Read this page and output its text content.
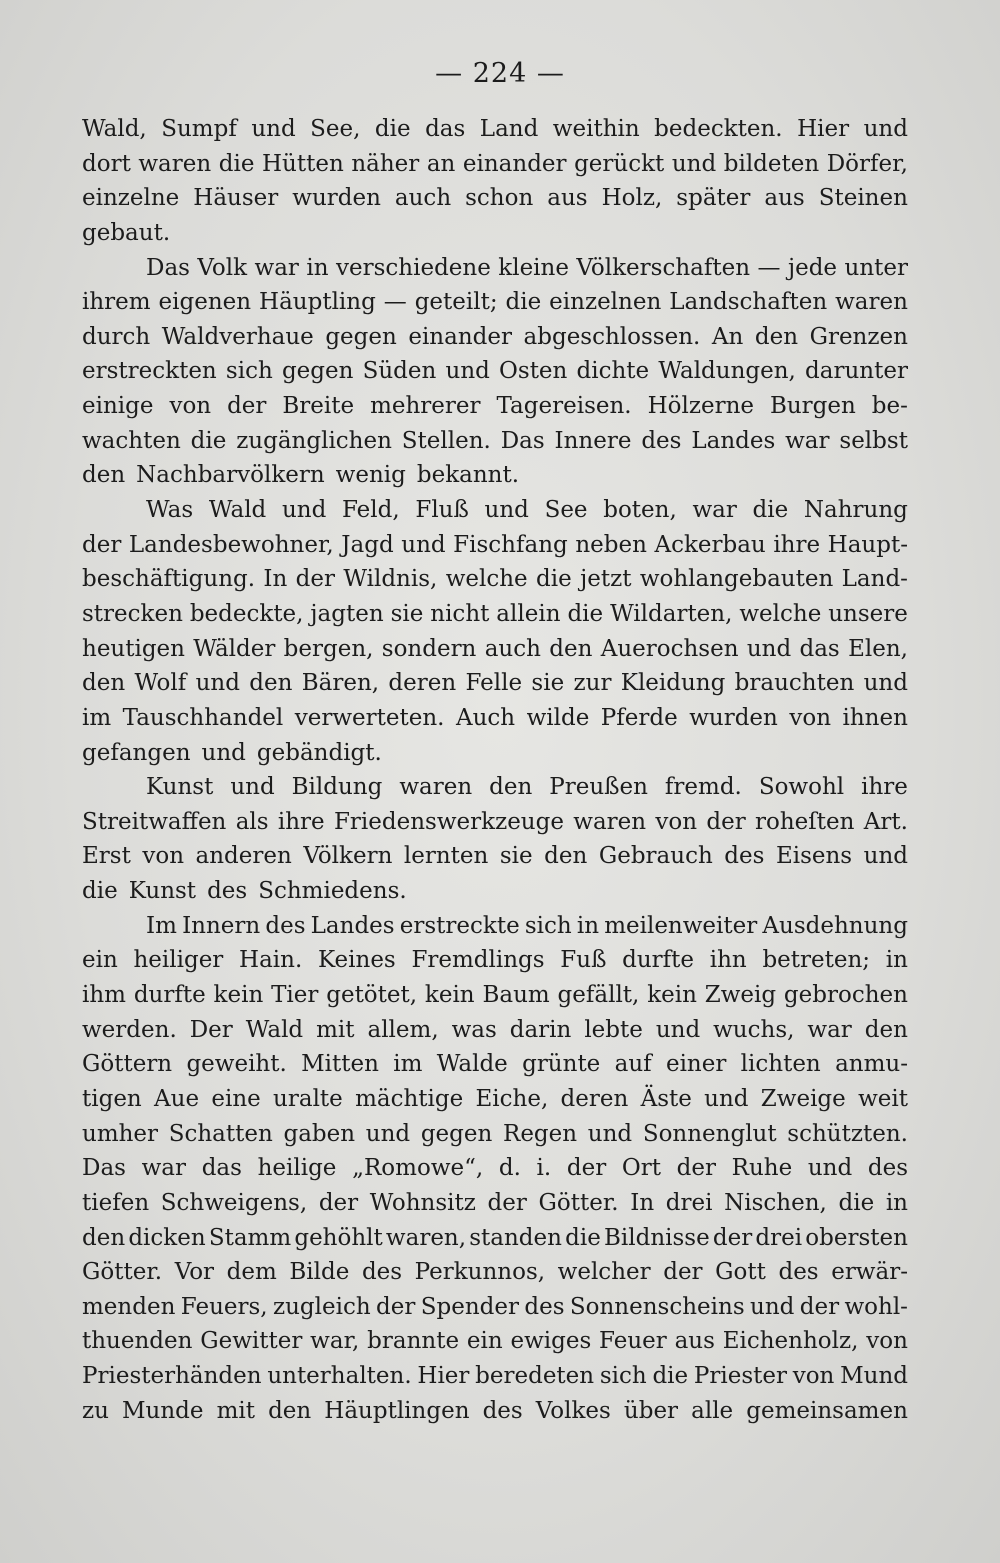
— 224 —
Wald, Sumpf und See, die das Land weithin bedeckten. Hier und
dort waren die Hütten näher an einander gerückt und bildeten Dörfer,
einzelne Häuser wurden auch schon aus Holz, später aus Steinen
gebaut.
Das Volk war in verschiedene kleine Völkerschaften — jede unter
ihrem eigenen Häuptling — geteilt; die einzelnen Landschaften waren
durch Waldverhaue gegen einander abgeschlossen. An den Grenzen
erstreckten sich gegen Süden und Osten dichte Waldungen, darunter
einige von der Breite mehrerer Tagereisen. Hölzerne Burgen be-
wachten die zugänglichen Stellen. Das Innere des Landes war selbst
den Nachbarvölkern wenig bekannt.
Was Wald und Feld, Fluß und See boten, war die Nahrung
der Landesbewohner, Jagd und Fischfang neben Ackerbau ihre Haupt-
beschäftigung. In der Wildnis, welche die jetzt wohlangebauten Land-
strecken bedeckte, jagten sie nicht allein die Wildarten, welche unsere
heutigen Wälder bergen, sondern auch den Auerochsen und das Elen,
den Wolf und den Bären, deren Felle sie zur Kleidung brauchten und
im Tauschhandel verwerteten. Auch wilde Pferde wurden von ihnen
gefangen und gebändigt.
Kunst und Bildung waren den Preußen fremd. Sowohl ihre
Streitwaffen als ihre Friedenswerkzeuge waren von der roheſten Art.
Erst von anderen Völkern lernten sie den Gebrauch des Eisens und
die Kunst des Schmiedens.
Im Innern des Landes erstreckte sich in meilenweiter Ausdehnung
ein heiliger Hain. Keines Fremdlings Fuß durfte ihn betreten; in
ihm durfte kein Tier getötet, kein Baum gefällt, kein Zweig gebrochen
werden. Der Wald mit allem, was darin lebte und wuchs, war den
Göttern geweiht. Mitten im Walde grünte auf einer lichten anmu-
tigen Aue eine uralte mächtige Eiche, deren Äste und Zweige weit
umher Schatten gaben und gegen Regen und Sonnenglut schützten.
Das war das heilige „Romowe“, d. i. der Ort der Ruhe und des
tiefen Schweigens, der Wohnsitz der Götter. In drei Nischen, die in
den dicken Stamm gehöhlt waren, standen die Bildnisse der drei obersten
Götter. Vor dem Bilde des Perkunnos, welcher der Gott des erwär-
menden Feuers, zugleich der Spender des Sonnenscheins und der wohl-
thuenden Gewitter war, brannte ein ewiges Feuer aus Eichenholz, von
Priesterhänden unterhalten. Hier beredeten sich die Priester von Mund
zu Munde mit den Häuptlingen des Volkes über alle gemeinsamen
